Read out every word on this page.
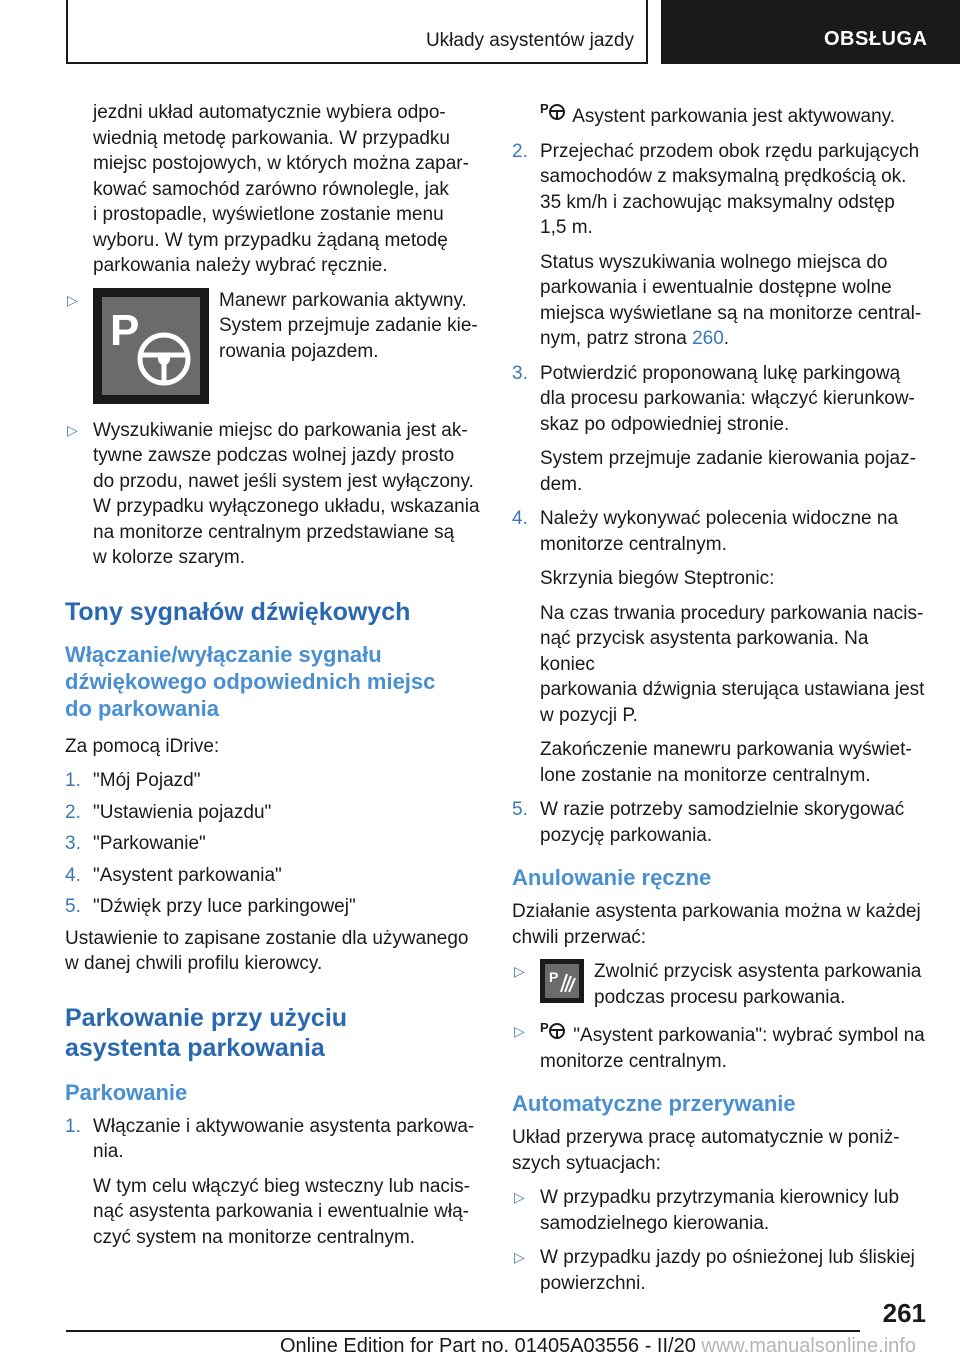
Układy asystentów jazdy	OBSŁUGA

jezdni układ automatycznie wybiera odpo-
wiednią metodę parkowania. W przypadku
miejsc postojowych, w których można zapar-
kować samochód zarówno równolegle, jak
i prostopadle, wyświetlone zostanie menu
wyboru. W tym przypadku żądaną metodę
parkowania należy wybrać ręcznie.

▷
P
Manewr parkowania aktywny.
System przejmuje zadanie kie-
rowania pojazdem.
▷ Wyszukiwanie miejsc do parkowania jest ak-
tywne zawsze podczas wolnej jazdy prosto
do przodu, nawet jeśli system jest wyłączony.
W przypadku wyłączonego układu, wskazania
na monitorze centralnym przedstawiane są
w kolorze szarym.
Tony sygnałów dźwiękowych
Włączanie/wyłączanie sygnału
dźwiękowego odpowiednich miejsc
do parkowania

Za pomocą iDrive:

1. "Mój Pojazd"
2. "Ustawienia pojazdu"
3. "Parkowanie"
4. "Asystent parkowania"
5. "Dźwięk przy luce parkingowej"

Ustawienie to zapisane zostanie dla używanego
w danej chwili profilu kierowcy.

Parkowanie przy użyciu
asystenta parkowania
Parkowanie
1. Włączanie i aktywowanie asystenta parkowa-
nia.

W tym celu włączyć bieg wsteczny lub nacis-
nąć asystenta parkowania i ewentualnie włą-
czyć system na monitorze centralnym.

P Asystent parkowania jest aktywowany.

2. Przejechać przodem obok rzędu parkujących
samochodów z maksymalną prędkością ok.
35 km/h i zachowując maksymalny odstęp
1,5 m.

Status wyszukiwania wolnego miejsca do
parkowania i ewentualnie dostępne wolne
miejsca wyświetlane są na monitorze central-
nym, patrz strona 260.

3. Potwierdzić proponowaną lukę parkingową
dla procesu parkowania: włączyć kierunkow-
skaz po odpowiedniej stronie.

System przejmuje zadanie kierowania pojaz-
dem.

4. Należy wykonywać polecenia widoczne na
monitorze centralnym.

Skrzynia biegów Steptronic:

Na czas trwania procedury parkowania nacis-
nąć przycisk asystenta parkowania. Na koniec
parkowania dźwignia sterująca ustawiana jest
w pozycji P.

Zakończenie manewru parkowania wyświet-
lone zostanie na monitorze centralnym.

5. W razie potrzeby samodzielnie skorygować
pozycję parkowania.
Anulowanie ręczne

Działanie asystenta parkowania można w każdej
chwili przerwać:

▷ P Zwolnić przycisk asystenta parkowania
podczas procesu parkowania.
▷ P "Asystent parkowania": wybrać symbol na
monitorze centralnym.
Automatyczne przerywanie

Układ przerywa pracę automatycznie w poniż-
szych sytuacjach:

▷ W przypadku przytrzymania kierownicy lub
samodzielnego kierowania.
▷ W przypadku jazdy po ośnieżonej lub śliskiej
powierzchni.
261
Online Edition for Part no. 01405A03556 - II/20 www.manualsonline.info
